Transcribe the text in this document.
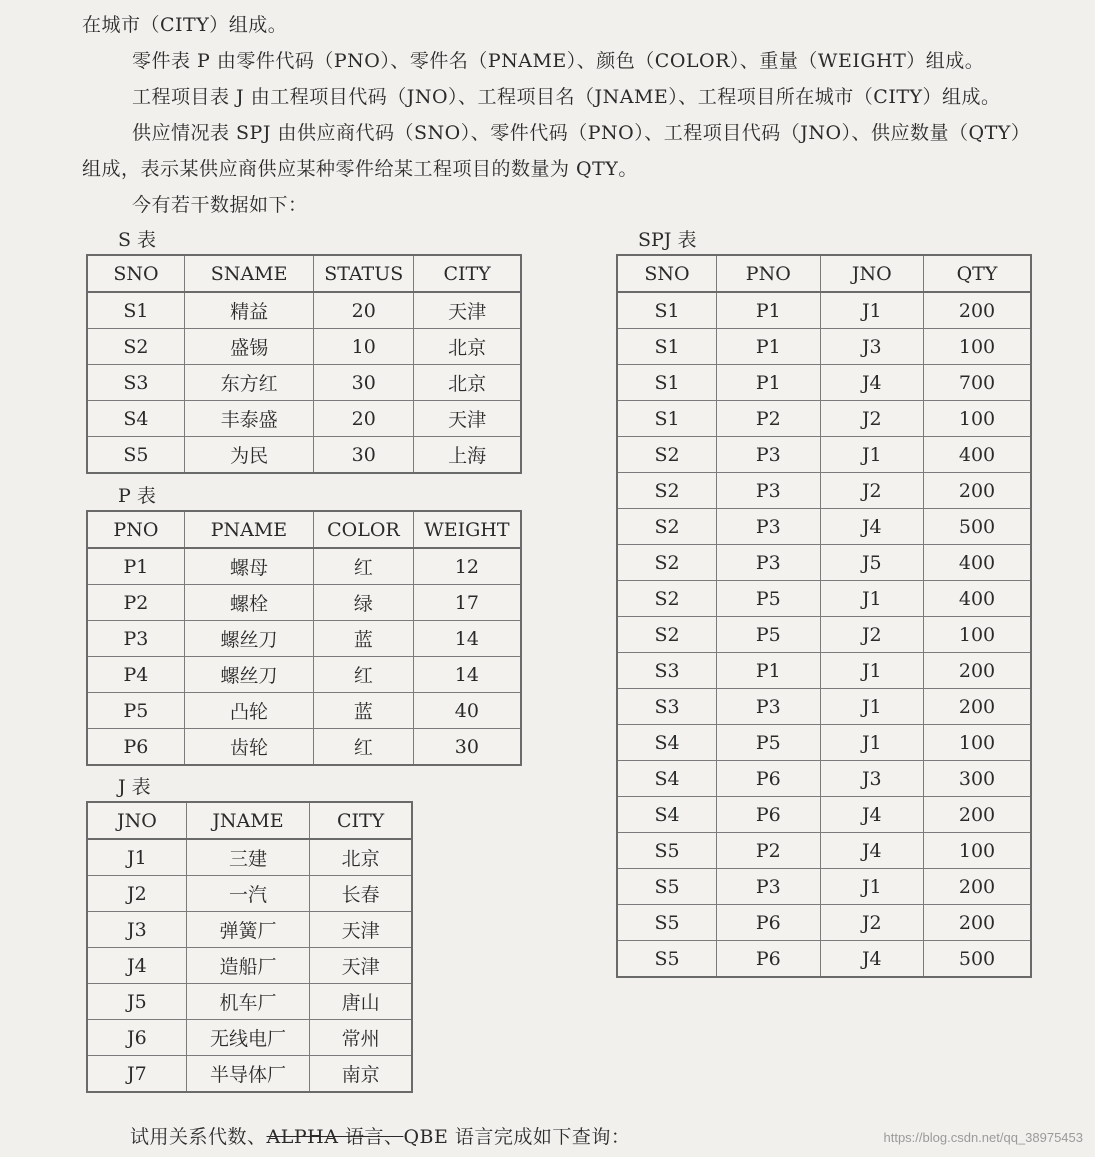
在城市（CITY）组成。
零件表 P 由零件代码（PNO）、零件名（PNAME）、颜色（COLOR）、重量（WEIGHT）组成。
工程项目表 J 由工程项目代码（JNO）、工程项目名（JNAME）、工程项目所在城市（CITY）组成。
供应情况表 SPJ 由供应商代码（SNO）、零件代码（PNO）、工程项目代码（JNO）、供应数量（QTY）
组成，表示某供应商供应某种零件给某工程项目的数量为 QTY。
今有若干数据如下：
S 表
SNO	SNAME	STATUS	CITY
S1	精益	20	天津
S2	盛锡	10	北京
S3	东方红	30	北京
S4	丰泰盛	20	天津
S5	为民	30	上海
SPJ 表
SNO	PNO	JNO	QTY
S1	P1	J1	200
S1	P1	J3	100
S1	P1	J4	700
S1	P2	J2	100
S2	P3	J1	400
S2	P3	J2	200
S2	P3	J4	500
S2	P3	J5	400
S2	P5	J1	400
S2	P5	J2	100
S3	P1	J1	200
S3	P3	J1	200
S4	P5	J1	100
S4	P6	J3	300
S4	P6	J4	200
S5	P2	J4	100
S5	P3	J1	200
S5	P6	J2	200
S5	P6	J4	500
P 表
PNO	PNAME	COLOR	WEIGHT
P1	螺母	红	12
P2	螺栓	绿	17
P3	螺丝刀	蓝	14
P4	螺丝刀	红	14
P5	凸轮	蓝	40
P6	齿轮	红	30
J 表
JNO	JNAME	CITY
J1	三建	北京
J2	一汽	长春
J3	弹簧厂	天津
J4	造船厂	天津
J5	机车厂	唐山
J6	无线电厂	常州
J7	半导体厂	南京
试用关系代数、ALPHA 语言、QBE 语言完成如下查询：	https://blog.csdn.net/qq_38975453
